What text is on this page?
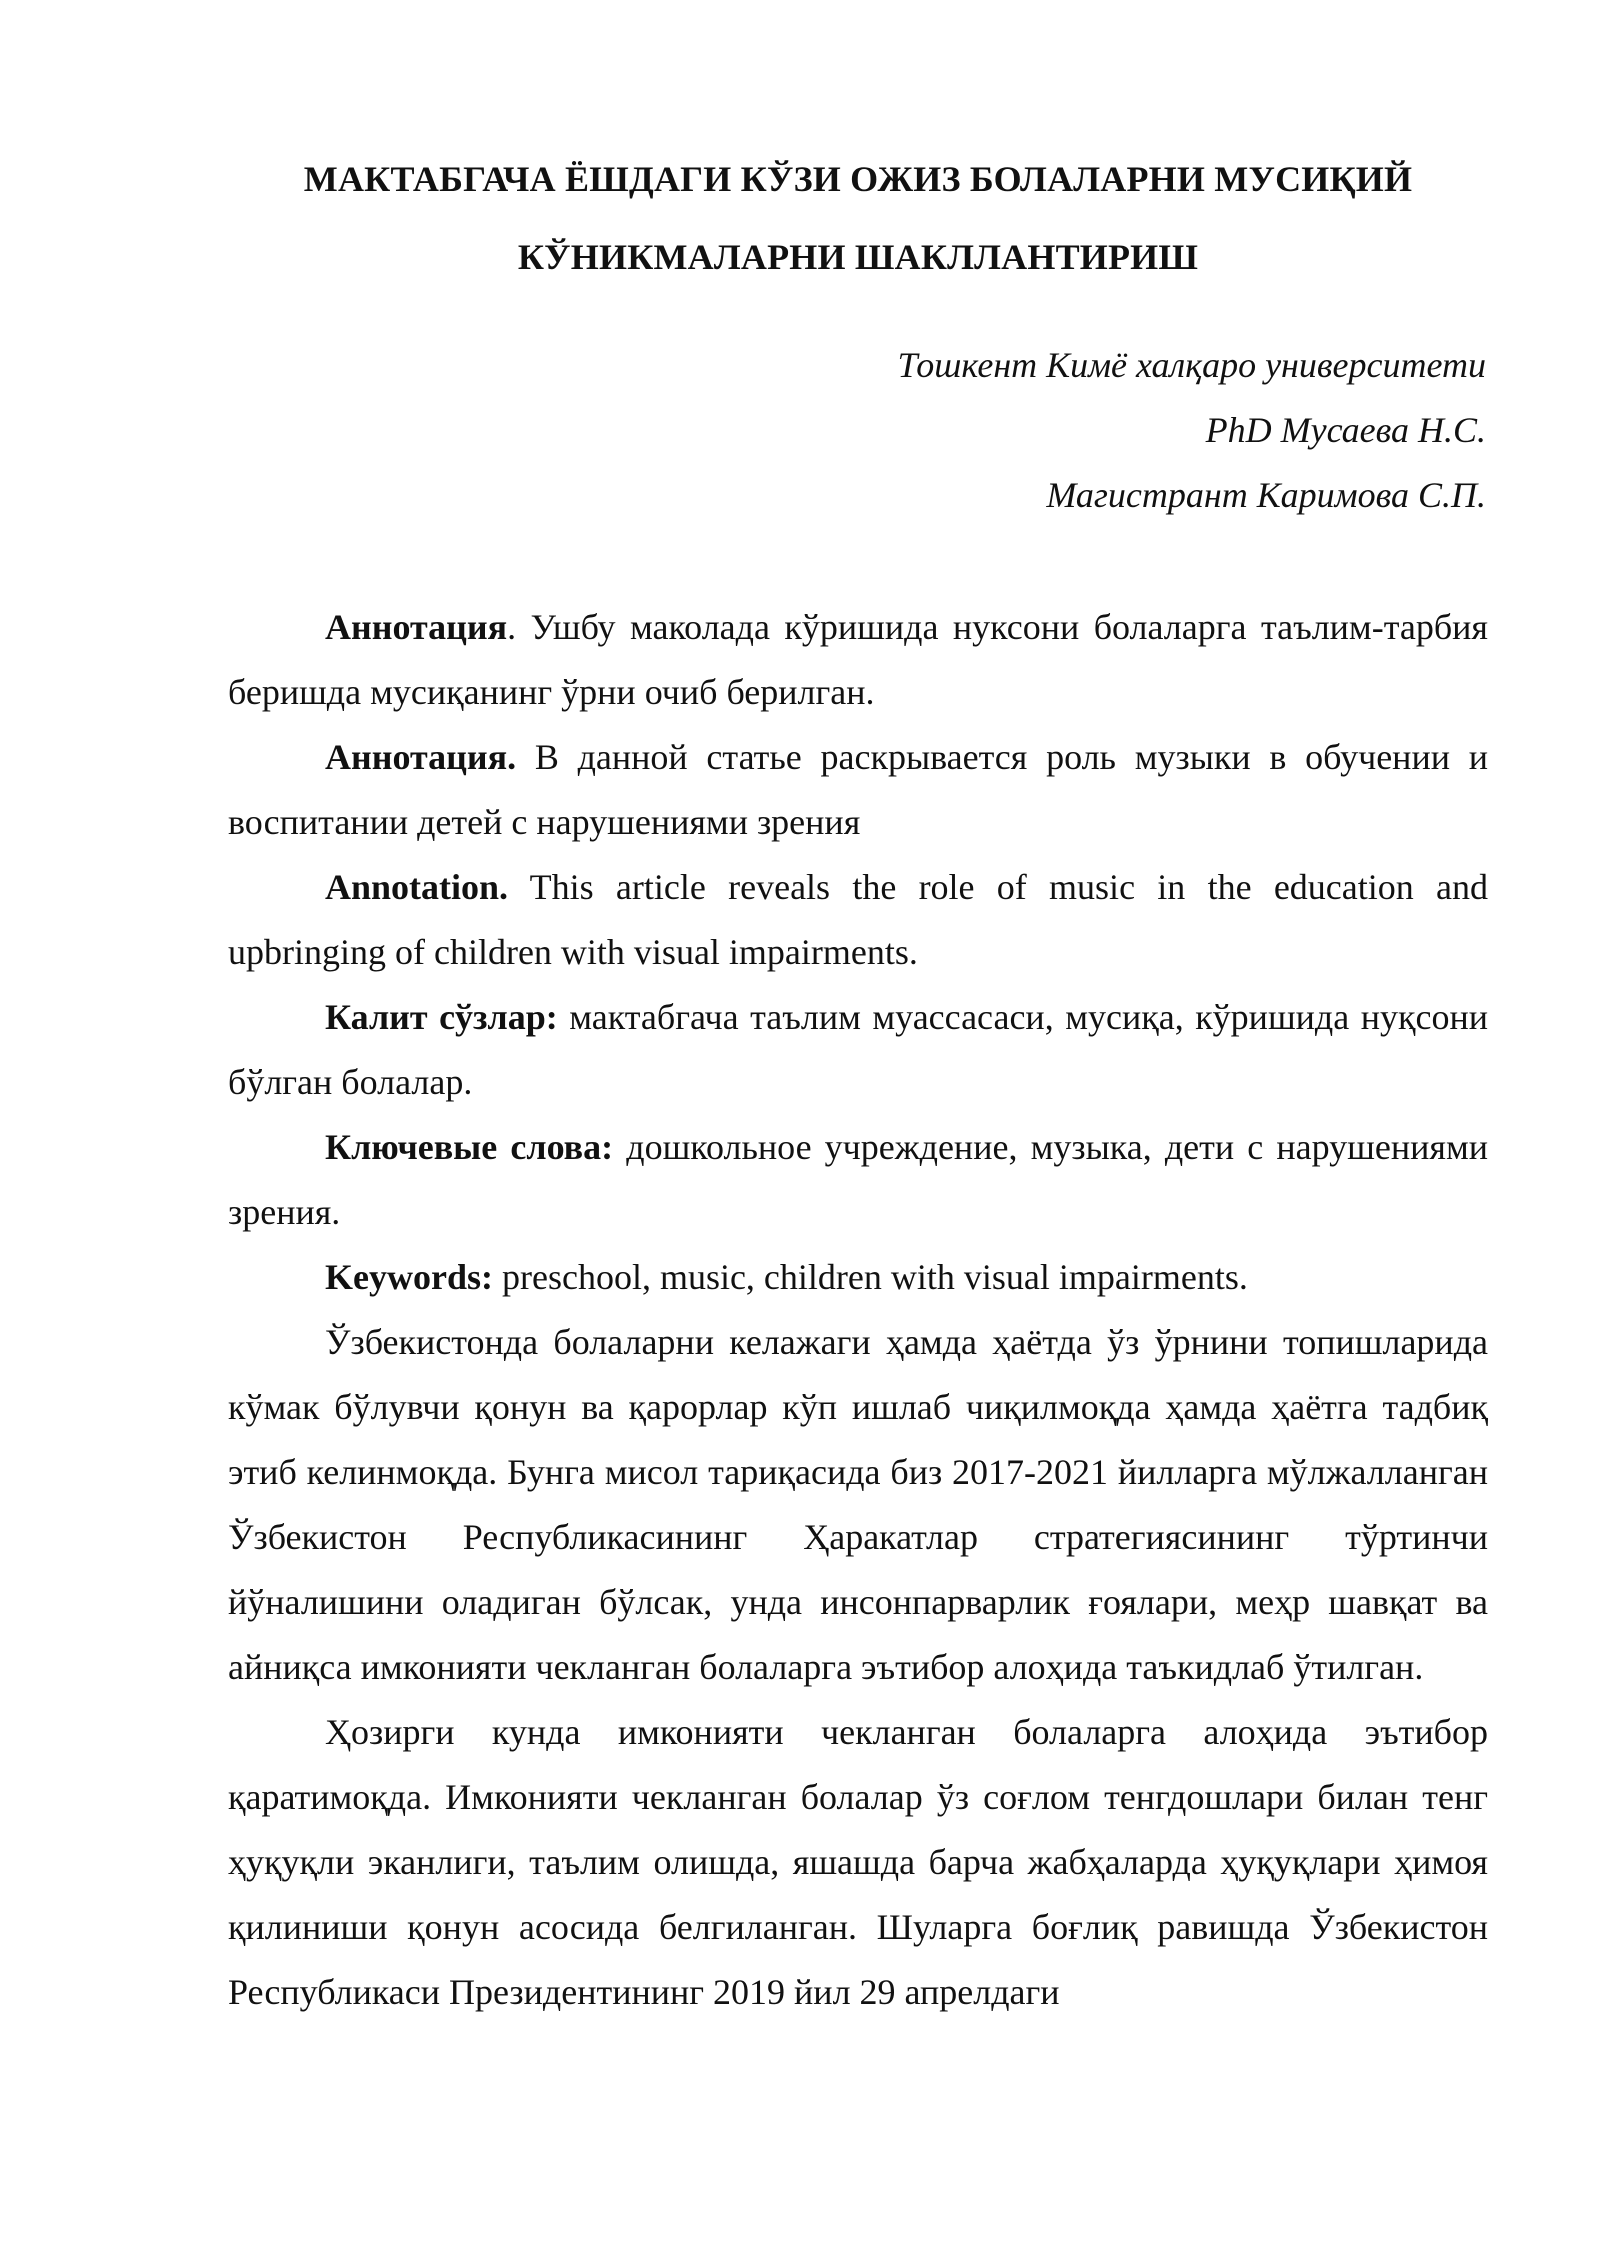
МАКТАБГАЧА ЁШДАГИ КЎЗИ ОЖИЗ БОЛАЛАРНИ МУСИҚИЙ
КЎНИКМАЛАРНИ ШАКЛЛАНТИРИШ
Тошкент Кимё халқаро университети
PhD Мусаева Н.С.
Магистрант Каримова С.П.

Аннотация. Ушбу маколада кўришида нуксони болаларга таълим-тарбия беришда мусиқанинг ўрни очиб берилган.

Аннотация. В данной статье раскрывается роль музыки в обучении и воспитании детей с нарушениями зрения

Annotation. This article reveals the role of music in the education and upbringing of children with visual impairments.

Калит сўзлар: мактабгача таълим муассасаси, мусиқа, кўришида нуқсони бўлган болалар.

Ключевые слова: дошкольное учреждение, музыка, дети с нарушениями зрения.

Keywords: preschool, music, children with visual impairments.

Ўзбекистонда болаларни келажаги ҳамда ҳаётда ўз ўрнини топишларида кўмак бўлувчи қонун ва қарорлар кўп ишлаб чиқилмоқда ҳамда ҳаётга тадбиқ этиб келинмоқда. Бунга мисол тариқасида биз 2017-2021 йилларга мўлжалланган Ўзбекистон Республикасининг Ҳаракатлар стратегиясининг тўртинчи йўналишини оладиган бўлсак, унда инсонпарварлик ғоялари, меҳр шавқат ва айниқса имконияти чекланган болаларга эътибор алоҳида таъкидлаб ўтилган.

Ҳозирги кунда имконияти чекланган болаларга алоҳида эътибор қаратимоқда. Имконияти чекланган болалар ўз соғлом тенгдошлари билан тенг ҳуқуқли эканлиги, таълим олишда, яшашда барча жабҳаларда ҳуқуқлари ҳимоя қилиниши қонун асосида белгиланган. Шуларга боғлиқ равишда Ўзбекистон Республикаси Президентининг 2019 йил 29 апрелдаги
